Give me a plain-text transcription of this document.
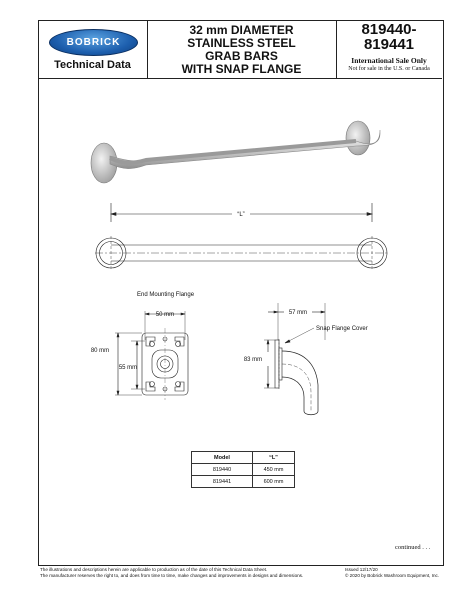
BOBRICK
Technical Data
32 mm DIAMETER
STAINLESS STEEL
GRAB BARS
WITH SNAP FLANGE
819440-
819441
International Sale Only
Not for sale in the U.S. or Canada
“L”
End Mounting Flange
50 mm
80 mm
55 mm
57 mm
83 mm
Snap Flange Cover
Model	“L”
819440	450 mm
819441	600 mm
continued . . .
The illustrations and descriptions herein are applicable to production as of the date of this Technical Data Sheet.
The manufacturer reserves the right to, and does from time to time, make changes and improvements in designs and dimensions.
Issued 12/17/20
© 2020 by Bobrick Washroom Equipment, Inc.
